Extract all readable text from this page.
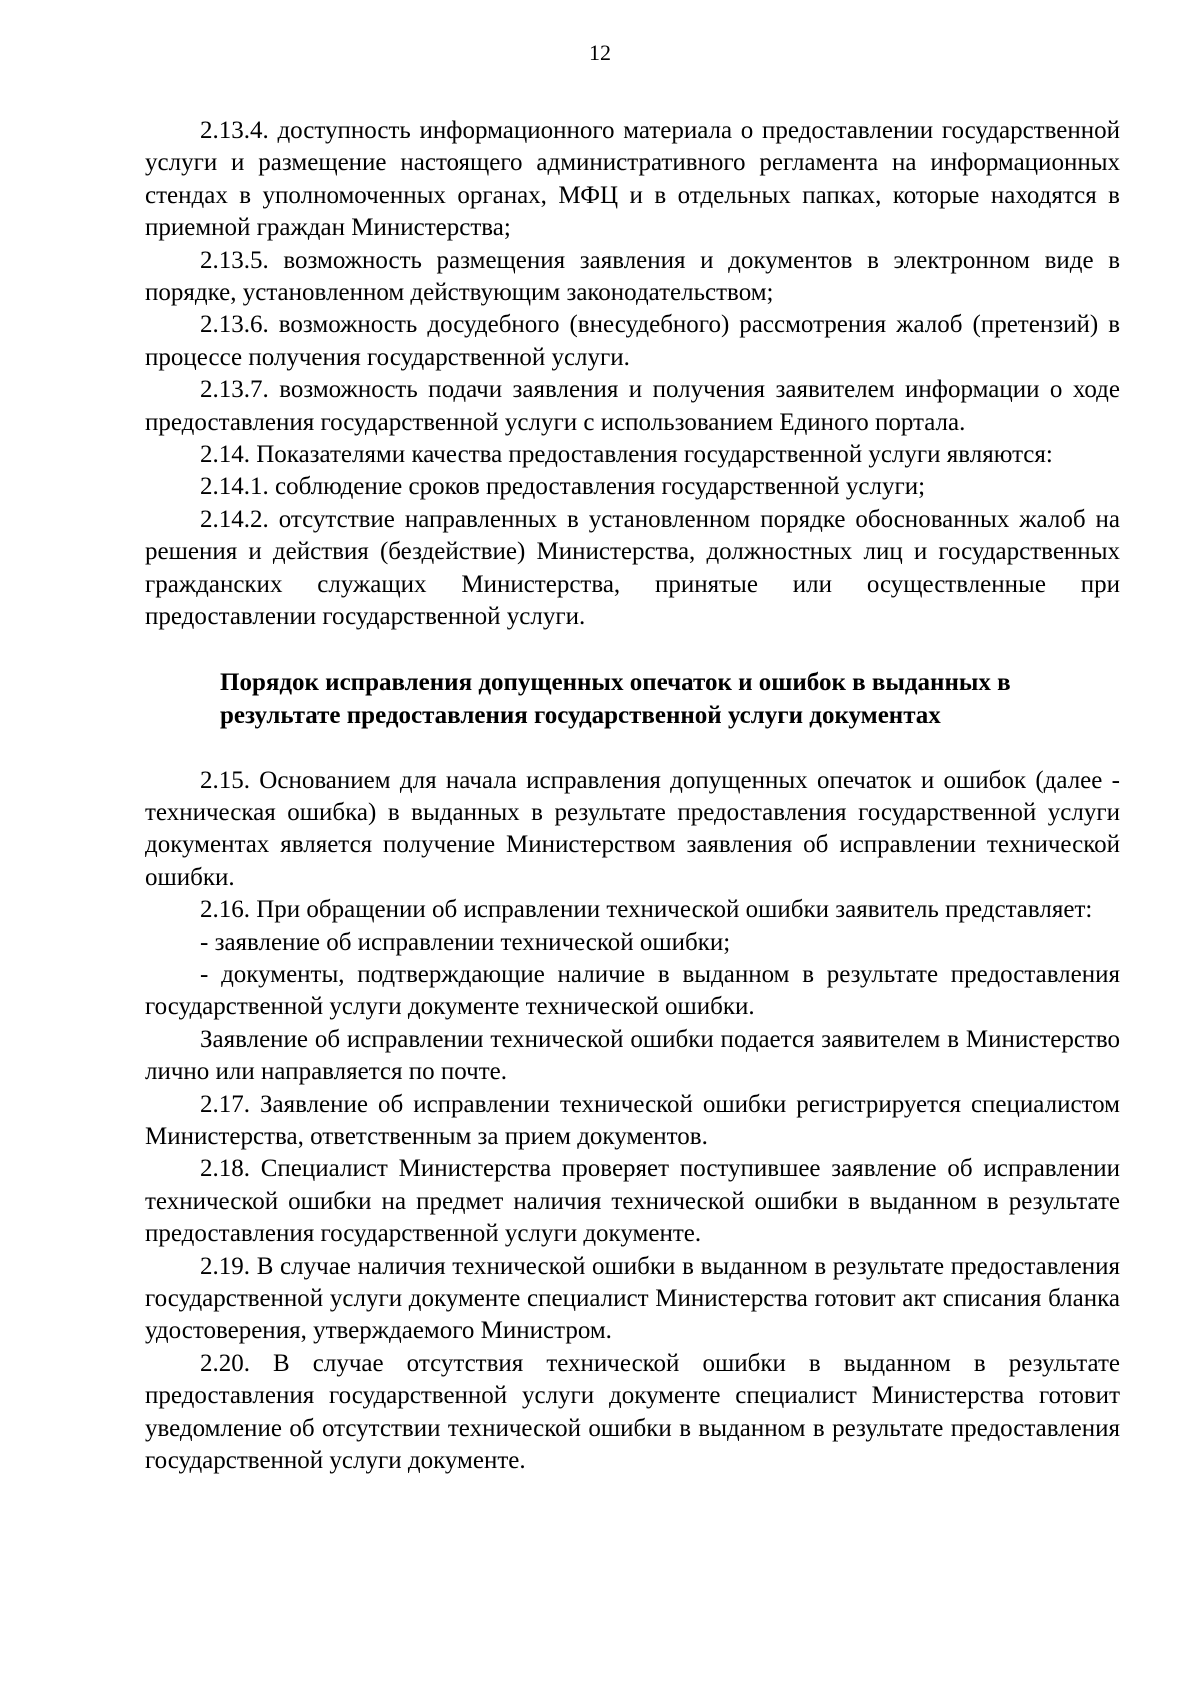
12

2.13.4. доступность информационного материала о предоставлении государственной услуги и размещение настоящего административного регламента на информационных стендах в уполномоченных органах, МФЦ и в отдельных папках, которые находятся в приемной граждан Министерства;

2.13.5. возможность размещения заявления и документов в электронном виде в порядке, установленном действующим законодательством;

2.13.6. возможность досудебного (внесудебного) рассмотрения жалоб (претензий) в процессе получения государственной услуги.

2.13.7. возможность подачи заявления и получения заявителем информации о ходе предоставления государственной услуги с использованием Единого портала.

2.14. Показателями качества предоставления государственной услуги являются:

2.14.1. соблюдение сроков предоставления государственной услуги;

2.14.2. отсутствие направленных в установленном порядке обоснованных жалоб на решения и действия (бездействие) Министерства, должностных лиц и государственных гражданских служащих Министерства, принятые или осуществленные при предоставлении государственной услуги.

Порядок исправления допущенных опечаток и ошибок в выданных в результате предоставления государственной услуги документах

2.15. Основанием для начала исправления допущенных опечаток и ошибок (далее - техническая ошибка) в выданных в результате предоставления государственной услуги документах является получение Министерством заявления об исправлении технической ошибки.

2.16. При обращении об исправлении технической ошибки заявитель представляет:

- заявление об исправлении технической ошибки;

- документы, подтверждающие наличие в выданном в результате предоставления государственной услуги документе технической ошибки.

Заявление об исправлении технической ошибки подается заявителем в Министерство лично или направляется по почте.

2.17. Заявление об исправлении технической ошибки регистрируется специалистом Министерства, ответственным за прием документов.

2.18. Специалист Министерства проверяет поступившее заявление об исправлении технической ошибки на предмет наличия технической ошибки в выданном в результате предоставления государственной услуги документе.

2.19. В случае наличия технической ошибки в выданном в результате предоставления государственной услуги документе специалист Министерства готовит акт списания бланка удостоверения, утверждаемого Министром.

2.20. В случае отсутствия технической ошибки в выданном в результате предоставления государственной услуги документе специалист Министерства готовит уведомление об отсутствии технической ошибки в выданном в результате предоставления государственной услуги документе.
